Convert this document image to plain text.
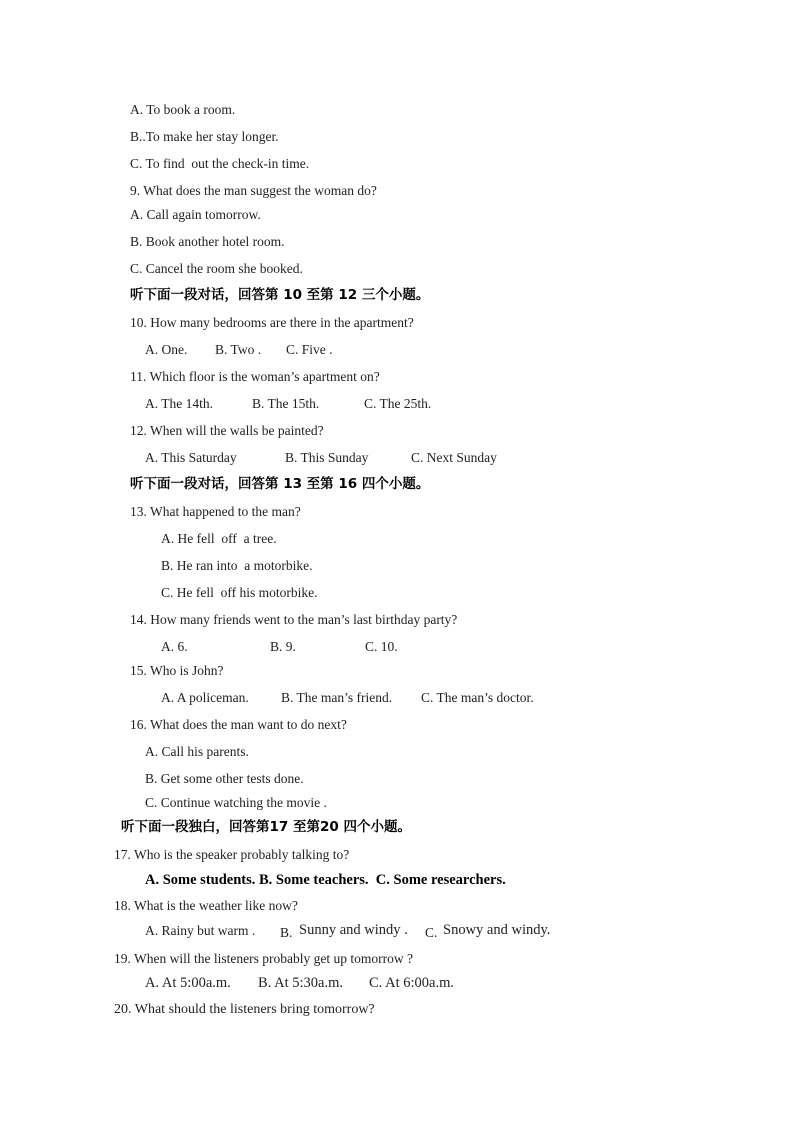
A. To book a room.
B..To make her stay longer.
C. To find  out the check-in time.
9. What does the man suggest the woman do?
A. Call again tomorrow.
B. Book another hotel room.
C. Cancel the room she booked.
听下面一段对话，回答第 10 至第 12 三个小题。
10. How many bedrooms are there in the apartment?
A. One. B. Two . C. Five .
11. Which floor is the woman’s apartment on?
A. The 14th.	B. The 15th.	C. The 25th.
12. When will the walls be painted?
A. This Saturday	B. This Sunday	C. Next Sunday
听下面一段对话，回答第 13 至第 16 四个小题。
13. What happened to the man?
A. He fell  off  a tree.
B. He ran into  a motorbike.
C. He fell  off his motorbike.
14. How many friends went to the man’s last birthday party?
A. 6.	B. 9.	C. 10.
15. Who is John?
A. A policeman. B. The man’s friend. C. The man’s doctor.
16. What does the man want to do next?
A. Call his parents.
B. Get some other tests done.
C. Continue watching the movie .
听下面一段独白，回答第17 至第20 四个小题。
17. Who is the speaker probably talking to?
A. Some students. B. Some teachers. C. Some researchers.
18. What is the weather like now?
A. Rainy but warm . B. Sunny and windy . C. Snowy and windy.
19. When will the listeners probably get up tomorrow ?
A. At 5:00a.m. B. At 5:30a.m. C. At 6:00a.m.
20. What should the listeners bring tomorrow?
